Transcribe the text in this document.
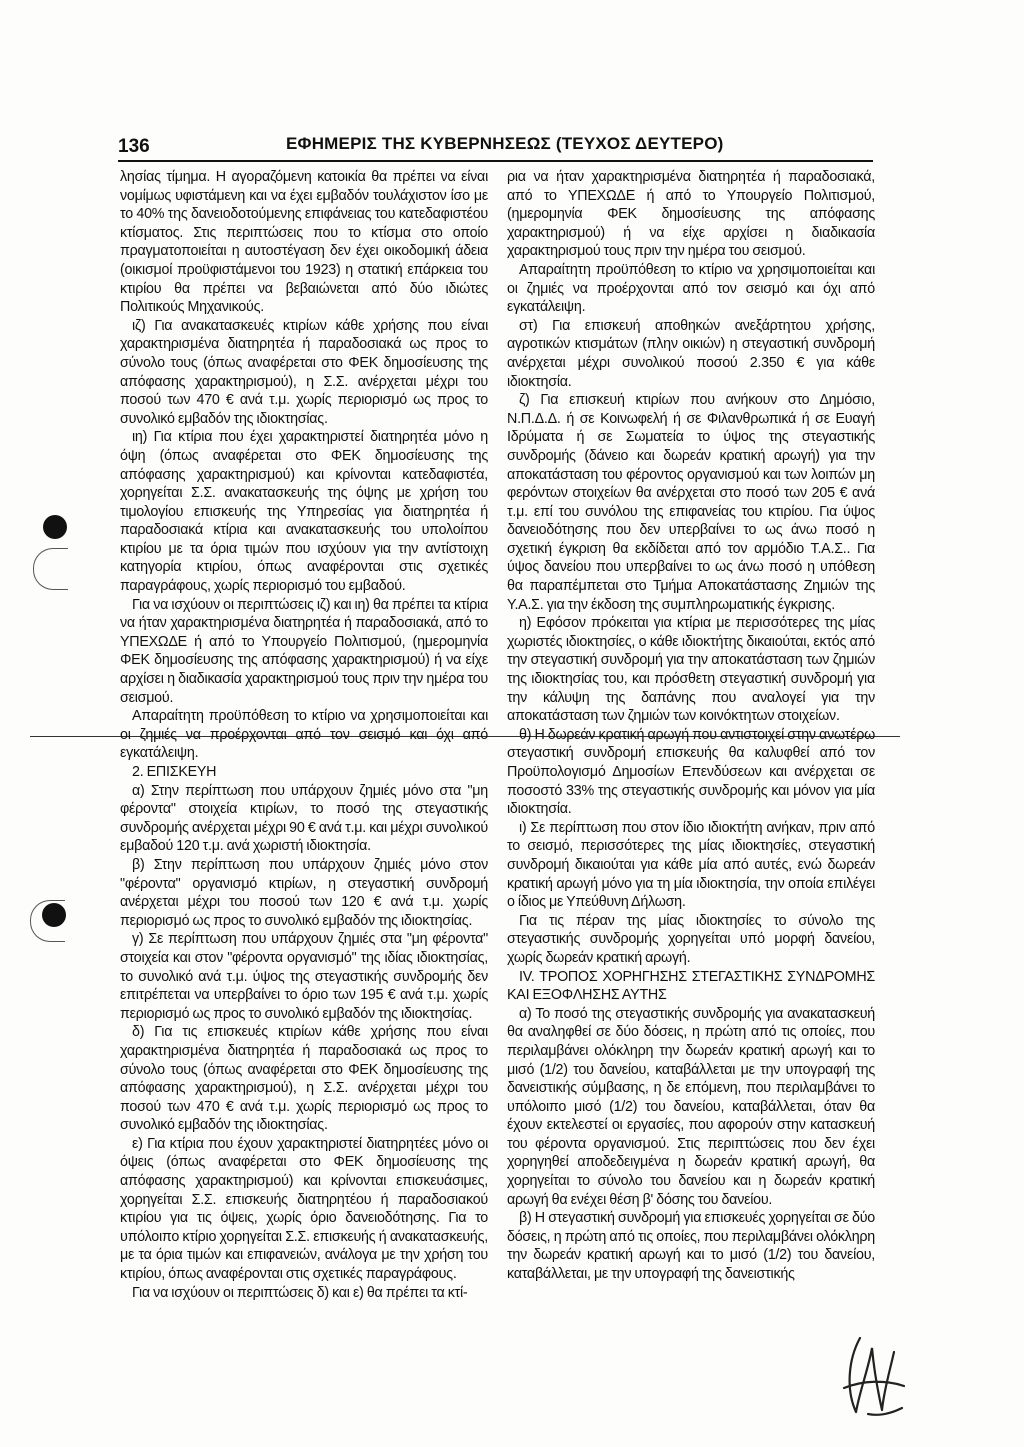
136	ΕΦΗΜΕΡΙΣ ΤΗΣ ΚΥΒΕΡΝΗΣΕΩΣ (ΤΕΥΧΟΣ ΔΕΥΤΕΡΟ)

λησίας τίμημα. Η αγοραζόμενη κατοικία θα πρέπει να είναι νομίμως υφιστάμενη και να έχει εμβαδόν τουλάχιστον ίσο με το 40% της δανειοδοτούμενης επιφάνειας του κατεδαφιστέου κτίσματος. Στις περιπτώσεις που το κτίσμα στο οποίο πραγματοποιείται η αυτοστέγαση δεν έχει οικοδομική άδεια (οικισμοί προϋφιστάμενοι του 1923) η στατική επάρκεια του κτιρίου θα πρέπει να βεβαιώνεται από δύο ιδιώτες Πολιτικούς Μηχανικούς.

ιζ) Για ανακατασκευές κτιρίων κάθε χρήσης που είναι χαρακτηρισμένα διατηρητέα ή παραδοσιακά ως προς το σύνολο τους (όπως αναφέρεται στο ΦΕΚ δημοσίευσης της απόφασης χαρακτηρισμού), η Σ.Σ. ανέρχεται μέχρι του ποσού των 470 € ανά τ.μ. χωρίς περιορισμό ως προς το συνολικό εμβαδόν της ιδιοκτησίας.

ιη) Για κτίρια που έχει χαρακτηριστεί διατηρητέα μόνο η όψη (όπως αναφέρεται στο ΦΕΚ δημοσίευσης της απόφασης χαρακτηρισμού) και κρίνονται κατεδαφιστέα, χορηγείται Σ.Σ. ανακατασκευής της όψης με χρήση του τιμολογίου επισκευής της Υπηρεσίας για διατηρητέα ή παραδοσιακά κτίρια και ανακατασκευής του υπολοίπου κτιρίου με τα όρια τιμών που ισχύουν για την αντίστοιχη κατηγορία κτιρίου, όπως αναφέρονται στις σχετικές παραγράφους, χωρίς περιορισμό του εμβαδού.

Για να ισχύουν οι περιπτώσεις ιζ) και ιη) θα πρέπει τα κτίρια να ήταν χαρακτηρισμένα διατηρητέα ή παραδοσιακά, από το ΥΠΕΧΩΔΕ ή από το Υπουργείο Πολιτισμού, (ημερομηνία ΦΕΚ δημοσίευσης της απόφασης χαρακτηρισμού) ή να είχε αρχίσει η διαδικασία χαρακτηρισμού τους πριν την ημέρα του σεισμού.

Απαραίτητη προϋπόθεση το κτίριο να χρησιμοποιείται και οι ζημιές να προέρχονται από τον σεισμό και όχι από εγκατάλειψη.

2. ΕΠΙΣΚΕΥΗ

α) Στην περίπτωση που υπάρχουν ζημιές μόνο στα "μη φέροντα" στοιχεία κτιρίων, το ποσό της στεγαστικής συνδρομής ανέρχεται μέχρι 90 € ανά τ.μ. και μέχρι συνολικού εμβαδού 120 τ.μ. ανά χωριστή ιδιοκτησία.

β) Στην περίπτωση που υπάρχουν ζημιές μόνο στον "φέροντα" οργανισμό κτιρίων, η στεγαστική συνδρομή ανέρχεται μέχρι του ποσού των 120 € ανά τ.μ. χωρίς περιορισμό ως προς το συνολικό εμβαδόν της ιδιοκτησίας.

γ) Σε περίπτωση που υπάρχουν ζημιές στα "μη φέροντα" στοιχεία και στον "φέροντα οργανισμό" της ιδίας ιδιοκτησίας, το συνολικό ανά τ.μ. ύψος της στεγαστικής συνδρομής δεν επιτρέπεται να υπερβαίνει το όριο των 195 € ανά τ.μ. χωρίς περιορισμό ως προς το συνολικό εμβαδόν της ιδιοκτησίας.

δ) Για τις επισκευές κτιρίων κάθε χρήσης που είναι χαρακτηρισμένα διατηρητέα ή παραδοσιακά ως προς το σύνολο τους (όπως αναφέρεται στο ΦΕΚ δημοσίευσης της απόφασης χαρακτηρισμού), η Σ.Σ. ανέρχεται μέχρι του ποσού των 470 € ανά τ.μ. χωρίς περιορισμό ως προς το συνολικό εμβαδόν της ιδιοκτησίας.

ε) Για κτίρια που έχουν χαρακτηριστεί διατηρητέες μόνο οι όψεις (όπως αναφέρεται στο ΦΕΚ δημοσίευσης της απόφασης χαρακτηρισμού) και κρίνονται επισκευάσιμες, χορηγείται Σ.Σ. επισκευής διατηρητέου ή παραδοσιακού κτιρίου για τις όψεις, χωρίς όριο δανειοδότησης. Για το υπόλοιπο κτίριο χορηγείται Σ.Σ. επισκευής ή ανακατασκευής, με τα όρια τιμών και επιφανειών, ανάλογα με την χρήση του κτιρίου, όπως αναφέρονται στις σχετικές παραγράφους.

Για να ισχύουν οι περιπτώσεις δ) και ε) θα πρέπει τα κτί-

ρια να ήταν χαρακτηρισμένα διατηρητέα ή παραδοσιακά, από το ΥΠΕΧΩΔΕ ή από το Υπουργείο Πολιτισμού, (ημερομηνία ΦΕΚ δημοσίευσης της απόφασης χαρακτηρισμού) ή να είχε αρχίσει η διαδικασία χαρακτηρισμού τους πριν την ημέρα του σεισμού.

Απαραίτητη προϋπόθεση το κτίριο να χρησιμοποιείται και οι ζημιές να προέρχονται από τον σεισμό και όχι από εγκατάλειψη.

στ) Για επισκευή αποθηκών ανεξάρτητου χρήσης, αγροτικών κτισμάτων (πλην οικιών) η στεγαστική συνδρομή ανέρχεται μέχρι συνολικού ποσού 2.350 € για κάθε ιδιοκτησία.

ζ) Για επισκευή κτιρίων που ανήκουν στο Δημόσιο, Ν.Π.Δ.Δ. ή σε Κοινωφελή ή σε Φιλανθρωπικά ή σε Ευαγή Ιδρύματα ή σε Σωματεία το ύψος της στεγαστικής συνδρομής (δάνειο και δωρεάν κρατική αρωγή) για την αποκατάσταση του φέροντος οργανισμού και των λοιπών μη φερόντων στοιχείων θα ανέρχεται στο ποσό των 205 € ανά τ.μ. επί του συνόλου της επιφανείας του κτιρίου. Για ύψος δανειοδότησης που δεν υπερβαίνει το ως άνω ποσό η σχετική έγκριση θα εκδίδεται από τον αρμόδιο Τ.Α.Σ.. Για ύψος δανείου που υπερβαίνει το ως άνω ποσό η υπόθεση θα παραπέμπεται στο Τμήμα Αποκατάστασης Ζημιών της Υ.Α.Σ. για την έκδοση της συμπληρωματικής έγκρισης.

η) Εφόσον πρόκειται για κτίρια με περισσότερες της μίας χωριστές ιδιοκτησίες, ο κάθε ιδιοκτήτης δικαιούται, εκτός από την στεγαστική συνδρομή για την αποκατάσταση των ζημιών της ιδιοκτησίας του, και πρόσθετη στεγαστική συνδρομή για την κάλυψη της δαπάνης που αναλογεί για την αποκατάσταση των ζημιών των κοινόκτητων στοιχείων.

θ) Η δωρεάν κρατική αρωγή που αντιστοιχεί στην ανωτέρω στεγαστική συνδρομή επισκευής θα καλυφθεί από τον Προϋπολογισμό Δημοσίων Επενδύσεων και ανέρχεται σε ποσοστό 33% της στεγαστικής συνδρομής και μόνον για μία ιδιοκτησία.

ι) Σε περίπτωση που στον ίδιο ιδιοκτήτη ανήκαν, πριν από το σεισμό, περισσότερες της μίας ιδιοκτησίες, στεγαστική συνδρομή δικαιούται για κάθε μία από αυτές, ενώ δωρεάν κρατική αρωγή μόνο για τη μία ιδιοκτησία, την οποία επιλέγει ο ίδιος με Υπεύθυνη Δήλωση.

Για τις πέραν της μίας ιδιοκτησίες το σύνολο της στεγαστικής συνδρομής χορηγείται υπό μορφή δανείου, χωρίς δωρεάν κρατική αρωγή.

IV. ΤΡΟΠΟΣ ΧΟΡΗΓΗΣΗΣ ΣΤΕΓΑΣΤΙΚΗΣ ΣΥΝΔΡΟΜΗΣ ΚΑΙ ΕΞΟΦΛΗΣΗΣ ΑΥΤΗΣ

α) Το ποσό της στεγαστικής συνδρομής για ανακατασκευή θα αναληφθεί σε δύο δόσεις, η πρώτη από τις οποίες, που περιλαμβάνει ολόκληρη την δωρεάν κρατική αρωγή και το μισό (1/2) του δανείου, καταβάλλεται με την υπογραφή της δανειστικής σύμβασης, η δε επόμενη, που περιλαμβάνει το υπόλοιπο μισό (1/2) του δανείου, καταβάλλεται, όταν θα έχουν εκτελεστεί οι εργασίες, που αφορούν στην κατασκευή του φέροντα οργανισμού. Στις περιπτώσεις που δεν έχει χορηγηθεί αποδεδειγμένα η δωρεάν κρατική αρωγή, θα χορηγείται το σύνολο του δανείου και η δωρεάν κρατική αρωγή θα ενέχει θέση β' δόσης του δανείου.

β) Η στεγαστική συνδρομή για επισκευές χορηγείται σε δύο δόσεις, η πρώτη από τις οποίες, που περιλαμβάνει ολόκληρη την δωρεάν κρατική αρωγή και το μισό (1/2) του δανείου, καταβάλλεται, με την υπογραφή της δανειστικής
